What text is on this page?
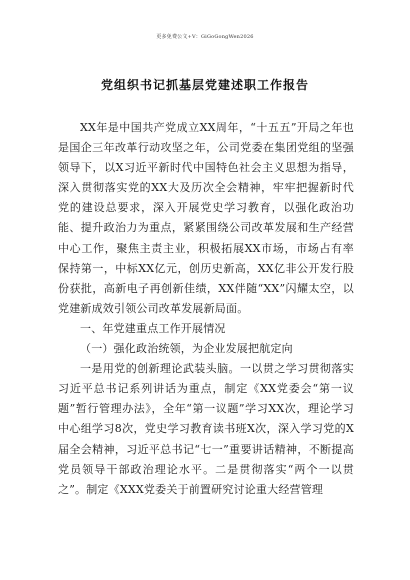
更多免费公文+V：GiGoGongWen2026
党组织书记抓基层党建述职工作报告

XX年是中国共产党成立XX周年，“十五五”开局之年也是国企三年改革行动攻坚之年，公司党委在集团党组的坚强领导下，以X习近平新时代中国特色社会主义思想为指导，深入贯彻落实党的XX大及历次全会精神，牢牢把握新时代党的建设总要求，深入开展党史学习教育，以强化政治功能、提升政治力为重点，紧紧围绕公司改革发展和生产经营中心工作，聚焦主责主业，积极拓展XX市场，市场占有率保持第一，中标XX亿元，创历史新高，XX亿非公开发行股份获批，高新电子再创新佳绩，XX伴随“XX”闪耀太空，以党建新成效引领公司改革发展新局面。

一、年党建重点工作开展情况

（一）强化政治统领，为企业发展把航定向

一是用党的创新理论武装头脑。一以贯之学习贯彻落实习近平总书记系列讲话为重点，制定《XX党委会“第一议题”暂行管理办法》，全年“第一议题”学习XX次，理论学习中心组学习8次，党史学习教育读书班X次，深入学习党的X届全会精神，习近平总书记“七一”重要讲话精神，不断提高党员领导干部政治理论水平。二是贯彻落实“两个一以贯之”。制定《XXX党委关于前置研究讨论重大经营管理
